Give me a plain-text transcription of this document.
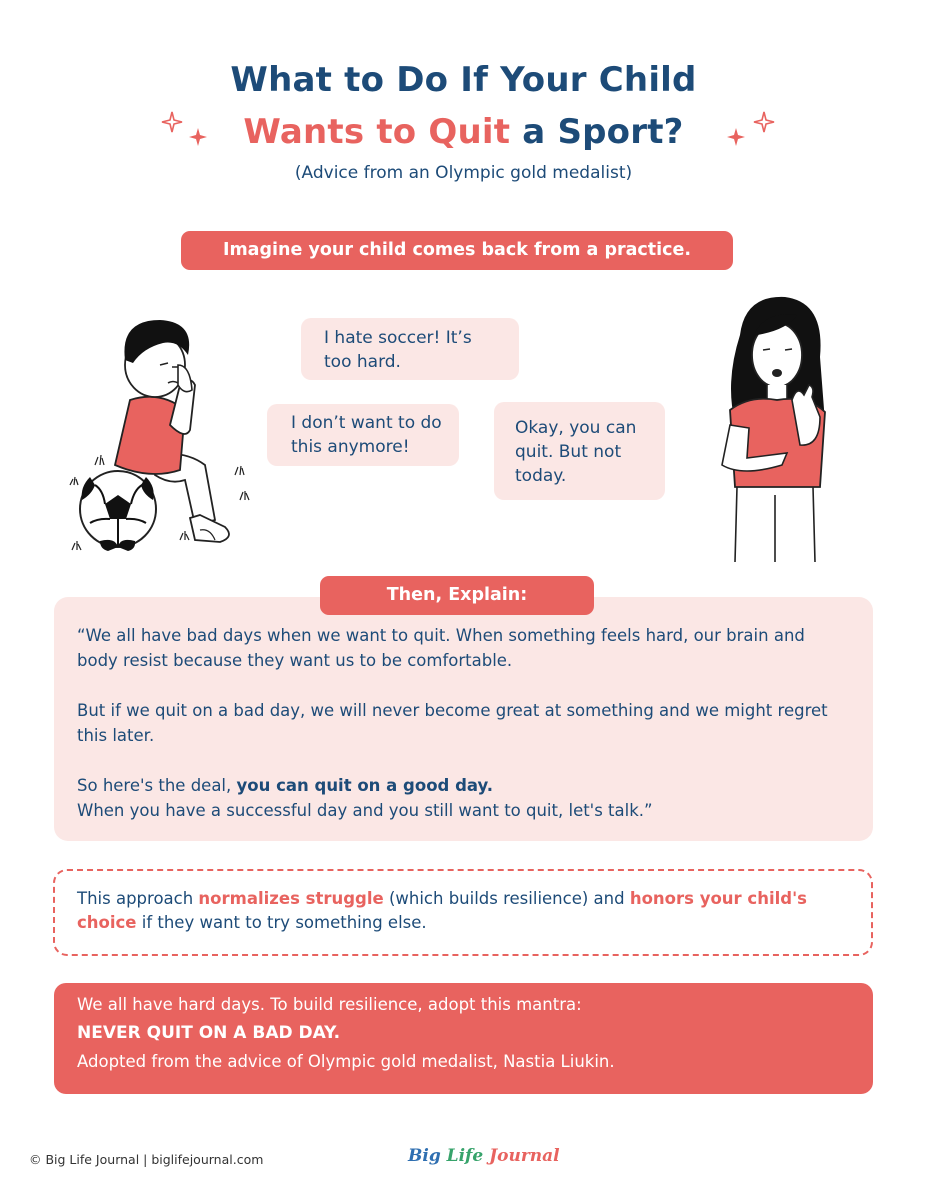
What to Do If Your Child
Wants to Quit a Sport?
(Advice from an Olympic gold medalist)
Imagine your child comes back from a practice.
I hate soccer! It’s too hard.
I don’t want to do this anymore!
Okay, you can quit. But not today.

“We all have bad days when we want to quit. When something feels hard, our brain and body resist because they want us to be comfortable.

But if we quit on a bad day, we will never become great at something and we might regret this later.

So here's the deal, you can quit on a good day.
When you have a successful day and you still want to quit, let's talk.”

Then, Explain:
This approach normalizes struggle (which builds resilience) and honors your child's choice if they want to try something else.
We all have hard days. To build resilience, adopt this mantra:
NEVER QUIT ON A BAD DAY.
Adopted from the advice of Olympic gold medalist, Nastia Liukin.
© Big Life Journal | biglifejournal.com	Big Life Journal
